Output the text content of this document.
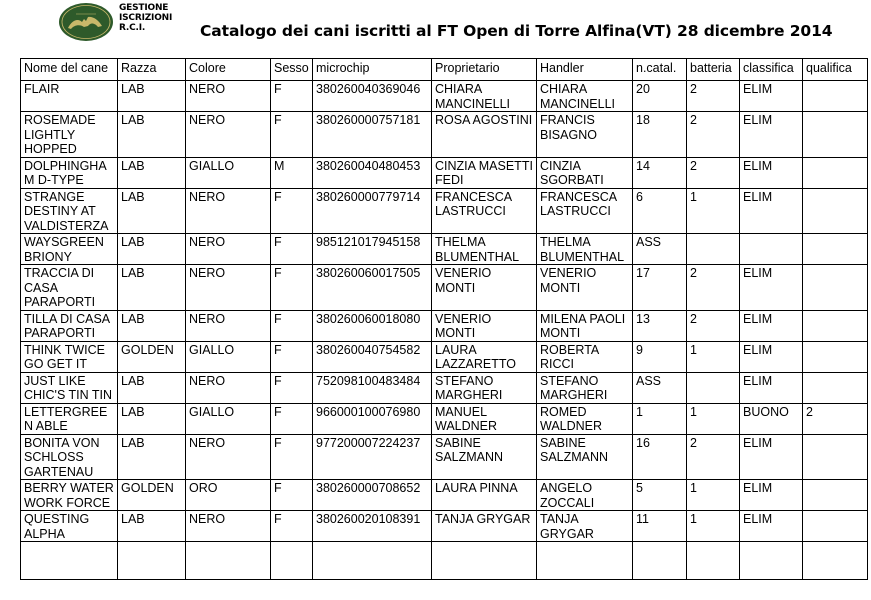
GESTIONE
ISCRIZIONI
R.C.I.	Catalogo dei cani iscritti al FT Open di Torre Alfina(VT) 28 dicembre 2014
Nome del cane	Razza	Colore	Sesso	microchip	Proprietario	Handler	n.catal.	batteria	classifica	qualifica
FLAIR	LAB	NERO	F	380260040369046	CHIARA MANCINELLI	CHIARA MANCINELLI	20	2	ELIM	
ROSEMADE LIGHTLY HOPPED	LAB	NERO	F	380260000757181	ROSA AGOSTINI	FRANCIS BISAGNO	18	2	ELIM	
DOLPHINGHAM D-TYPE	LAB	GIALLO	M	380260040480453	CINZIA MASETTI FEDI	CINZIA SGORBATI	14	2	ELIM	
STRANGE DESTINY AT VALDISTERZA	LAB	NERO	F	380260000779714	FRANCESCA LASTRUCCI	FRANCESCA LASTRUCCI	6	1	ELIM	
WAYSGREEN BRIONY	LAB	NERO	F	985121017945158	THELMA BLUMENTHAL	THELMA BLUMENTHAL	ASS			
TRACCIA DI CASA PARAPORTI	LAB	NERO	F	380260060017505	VENERIO MONTI	VENERIO MONTI	17	2	ELIM	
TILLA DI CASA PARAPORTI	LAB	NERO	F	380260060018080	VENERIO MONTI	MILENA PAOLI MONTI	13	2	ELIM	
THINK TWICE GO GET IT	GOLDEN	GIALLO	F	380260040754582	LAURA LAZZARETTO	ROBERTA RICCI	9	1	ELIM	
JUST LIKE CHIC'S TIN TIN	LAB	NERO	F	752098100483484	STEFANO MARGHERI	STEFANO MARGHERI	ASS		ELIM	
LETTERGREEN ABLE	LAB	GIALLO	F	966000100076980	MANUEL WALDNER	ROMED WALDNER	1	1	BUONO	2
BONITA VON SCHLOSS GARTENAU	LAB	NERO	F	977200007224237	SABINE SALZMANN	SABINE SALZMANN	16	2	ELIM	
BERRY WATER WORK FORCE	GOLDEN	ORO	F	380260000708652	LAURA PINNA	ANGELO ZOCCALI	5	1	ELIM	
QUESTING ALPHA	LAB	NERO	F	380260020108391	TANJA GRYGAR	TANJA GRYGAR	11	1	ELIM	
